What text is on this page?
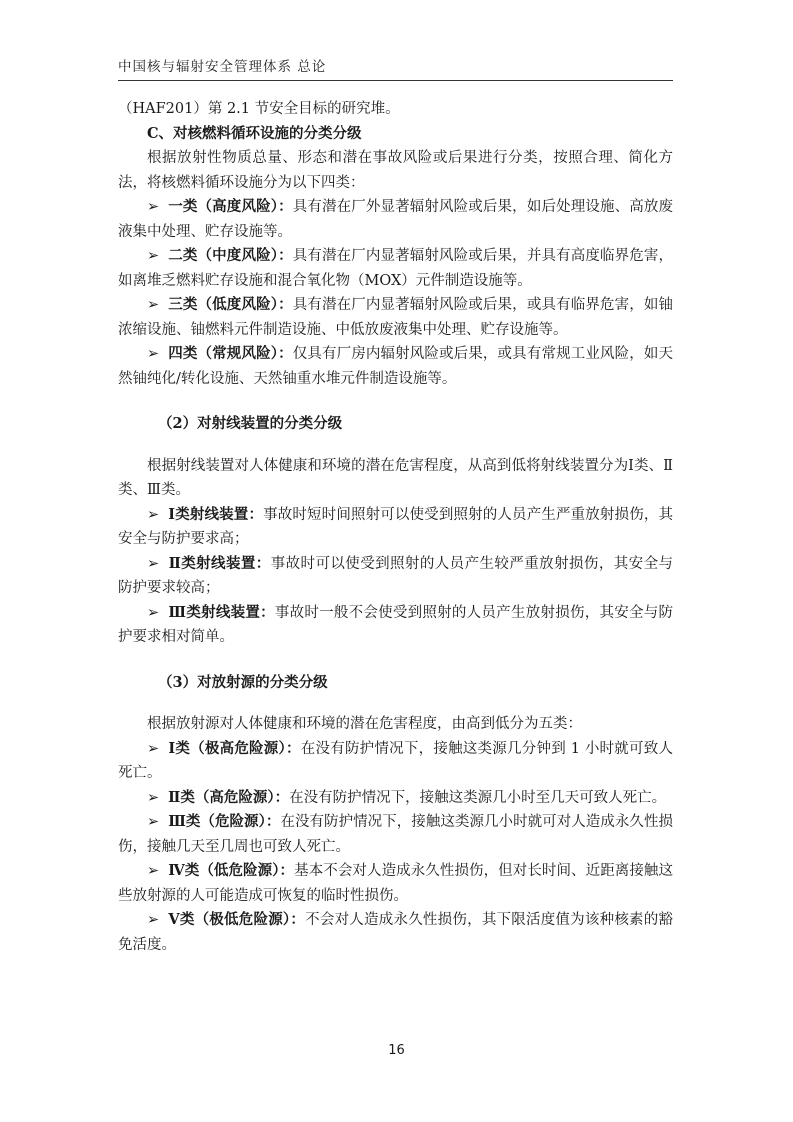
中国核与辐射安全管理体系 总论

（HAF201）第 2.1 节安全目标的研究堆。

C、对核燃料循环设施的分类分级

根据放射性物质总量、形态和潜在事故风险或后果进行分类，按照合理、简化方法，将核燃料循环设施分为以下四类：

➢ 一类（高度风险）：具有潜在厂外显著辐射风险或后果，如后处理设施、高放废液集中处理、贮存设施等。

➢ 二类（中度风险）：具有潜在厂内显著辐射风险或后果，并具有高度临界危害，如离堆乏燃料贮存设施和混合氧化物（MOX）元件制造设施等。

➢ 三类（低度风险）：具有潜在厂内显著辐射风险或后果，或具有临界危害，如铀浓缩设施、铀燃料元件制造设施、中低放废液集中处理、贮存设施等。

➢ 四类（常规风险）：仅具有厂房内辐射风险或后果，或具有常规工业风险，如天然铀纯化/转化设施、天然铀重水堆元件制造设施等。

（2）对射线装置的分类分级

根据射线装置对人体健康和环境的潜在危害程度，从高到低将射线装置分为Ⅰ类、Ⅱ类、Ⅲ类。

➢ Ⅰ类射线装置：事故时短时间照射可以使受到照射的人员产生严重放射损伤，其安全与防护要求高；

➢ Ⅱ类射线装置：事故时可以使受到照射的人员产生较严重放射损伤，其安全与防护要求较高；

➢ Ⅲ类射线装置：事故时一般不会使受到照射的人员产生放射损伤，其安全与防护要求相对简单。

（3）对放射源的分类分级

根据放射源对人体健康和环境的潜在危害程度，由高到低分为五类：

➢ Ⅰ类（极高危险源）：在没有防护情况下，接触这类源几分钟到 1 小时就可致人死亡。

➢ Ⅱ类（高危险源）：在没有防护情况下，接触这类源几小时至几天可致人死亡。

➢ Ⅲ类（危险源）：在没有防护情况下，接触这类源几小时就可对人造成永久性损伤，接触几天至几周也可致人死亡。

➢ Ⅳ类（低危险源）：基本不会对人造成永久性损伤，但对长时间、近距离接触这些放射源的人可能造成可恢复的临时性损伤。

➢ Ⅴ类（极低危险源）：不会对人造成永久性损伤，其下限活度值为该种核素的豁免活度。

16
